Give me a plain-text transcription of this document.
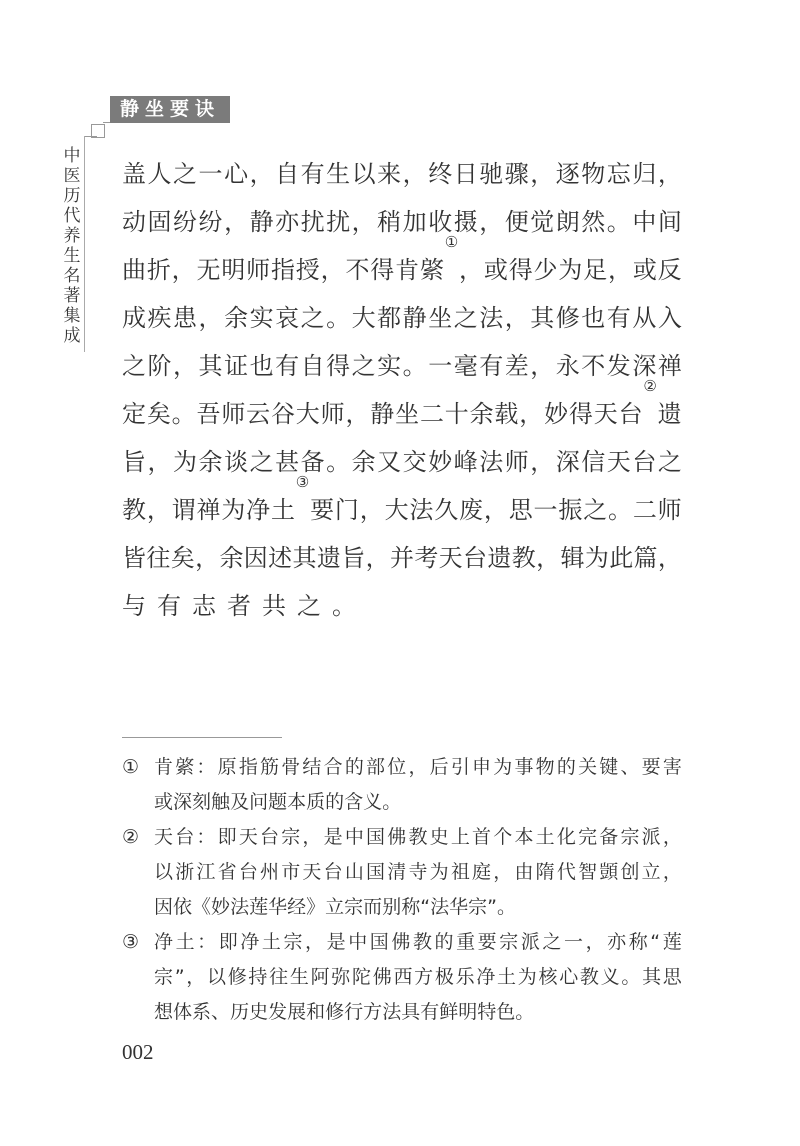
静坐要诀
中
医
历
代
养
生
名
著
集
成
盖 人 之 一 心 ， 自 有 生 以 来 ， 终 日 驰 骤 ， 逐 物 忘 归 ，
动 固 纷 纷 ， 静 亦 扰 扰 ， 稍 加 收 摄 ， 便 觉 朗 然 。 中 间
曲 折 ， 无 明 师 指 授 ， 不 得 肯 綮
①
， 或 得 少 为 足 ， 或 反
成 疾 患 ， 余 实 哀 之 。 大 都 静 坐 之 法 ， 其 修 也 有 从 入
之 阶 ， 其 证 也 有 自 得 之 实 。 一 毫 有 差 ， 永 不 发 深 禅
定 矣 。 吾 师 云 谷 大 师 ， 静 坐 二 十 余 载 ， 妙 得 天 台
②
遗
旨 ， 为 余 谈 之 甚 备 。 余 又 交 妙 峰 法 师 ， 深 信 天 台 之
教 ， 谓 禅 为 净 土
③
要 门 ， 大 法 久 废 ， 思 一 振 之 。 二 师
皆 往 矣 ， 余 因 述 其 遗 旨 ， 并 考 天 台 遗 教 ， 辑 为 此 篇 ，
与 有 志 者 共 之 。
① 肯 綮 ： 原 指 筋 骨 结 合 的 部 位 ， 后 引 申 为 事 物 的 关 键 、 要 害
或 深 刻 触 及 问 题 本 质 的 含 义 。
② 天 台 ： 即 天 台 宗 ， 是 中 国 佛 教 史 上 首 个 本 土 化 完 备 宗 派 ，
以 浙 江 省 台 州 市 天 台 山 国 清 寺 为 祖 庭 ， 由 隋 代 智 顗 创 立 ，
因 依 《 妙 法 莲 华 经 》 立 宗 而 别 称 “ 法 华 宗 ” 。
③ 净 土 ： 即 净 土 宗 ， 是 中 国 佛 教 的 重 要 宗 派 之 一 ， 亦 称 “ 莲
宗 ” ， 以 修 持 往 生 阿 弥 陀 佛 西 方 极 乐 净 土 为 核 心 教 义 。 其 思
想 体 系 、 历 史 发 展 和 修 行 方 法 具 有 鲜 明 特 色 。
002
